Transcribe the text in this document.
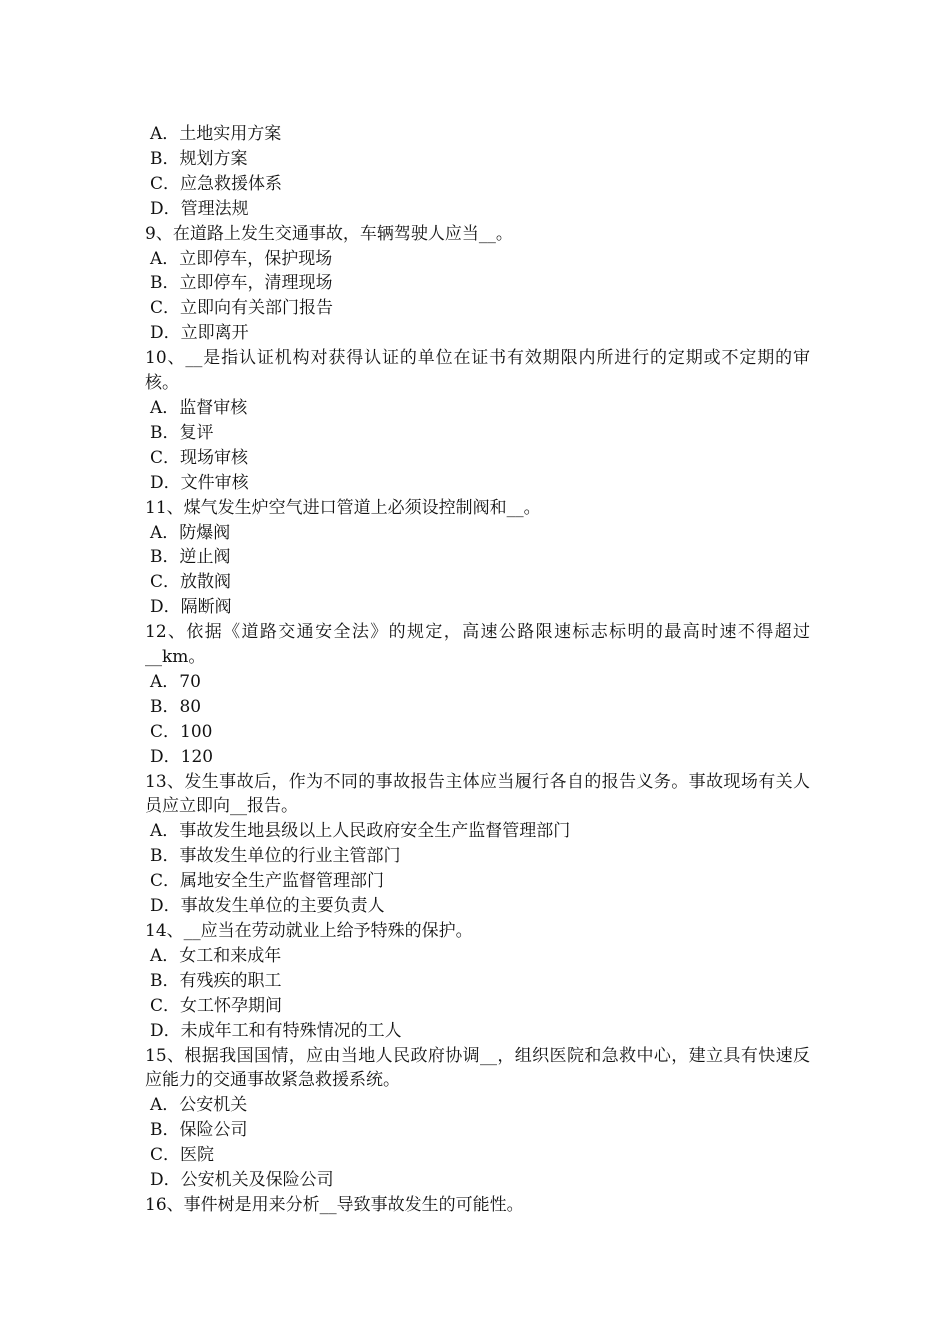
A．土地实用方案
B．规划方案
C．应急救援体系
D．管理法规
9、在道路上发生交通事故，车辆驾驶人应当__。
A．立即停车，保护现场
B．立即停车，清理现场
C．立即向有关部门报告
D．立即离开
10、__是指认证机构对获得认证的单位在证书有效期限内所进行的定期或不定期的审核。
A．监督审核
B．复评
C．现场审核
D．文件审核
11、煤气发生炉空气进口管道上必须设控制阀和__。
A．防爆阀
B．逆止阀
C．放散阀
D．隔断阀
12、依据《道路交通安全法》的规定，高速公路限速标志标明的最高时速不得超过__km。
A．70
B．80
C．100
D．120
13、发生事故后，作为不同的事故报告主体应当履行各自的报告义务。事故现场有关人员应立即向__报告。
A．事故发生地县级以上人民政府安全生产监督管理部门
B．事故发生单位的行业主管部门
C．属地安全生产监督管理部门
D．事故发生单位的主要负责人
14、__应当在劳动就业上给予特殊的保护。
A．女工和来成年
B．有残疾的职工
C．女工怀孕期间
D．未成年工和有特殊情况的工人
15、根据我国国情，应由当地人民政府协调__，组织医院和急救中心，建立具有快速反应能力的交通事故紧急救援系统。
A．公安机关
B．保险公司
C．医院
D．公安机关及保险公司
16、事件树是用来分析__导致事故发生的可能性。
